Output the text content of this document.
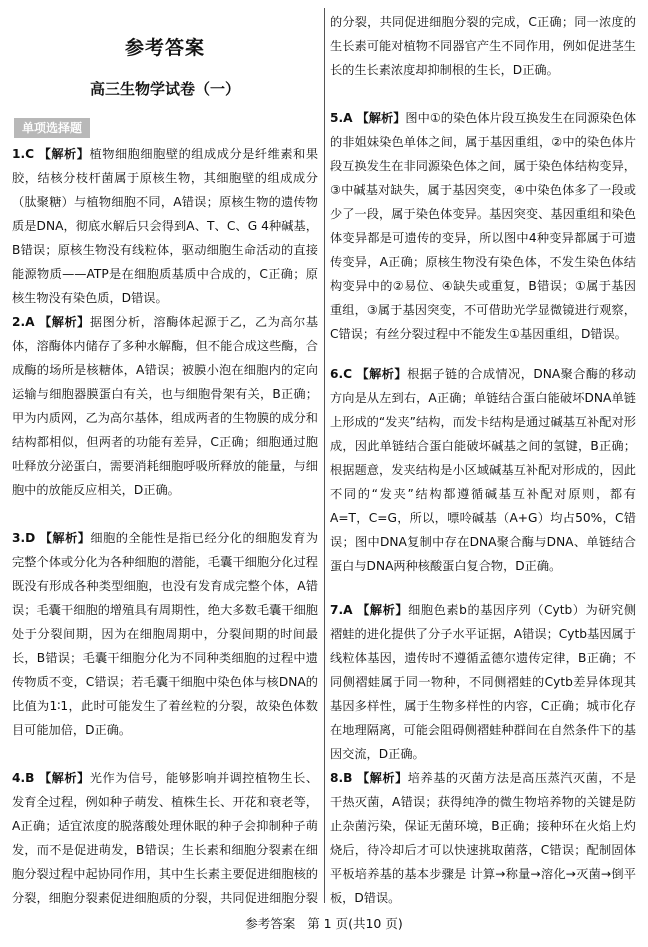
参考答案
高三生物学试卷（一）
单项选择题
1.C 【解析】植物细胞细胞壁的组成成分是纤维素和果胶，结核分枝杆菌属于原核生物，其细胞壁的组成成分（肽聚糖）与植物细胞不同，A错误；原核生物的遗传物质是DNA，彻底水解后只会得到A、T、C、G 4种碱基，B错误；原核生物没有线粒体，驱动细胞生命活动的直接能源物质——ATP是在细胞质基质中合成的，C正确；原核生物没有染色质，D错误。
2.A 【解析】据图分析，溶酶体起源于乙，乙为高尔基体，溶酶体内储存了多种水解酶，但不能合成这些酶，合成酶的场所是核糖体，A错误；被膜小泡在细胞内的定向运输与细胞器膜蛋白有关，也与细胞骨架有关，B正确；甲为内质网，乙为高尔基体，组成两者的生物膜的成分和结构都相似，但两者的功能有差异，C正确；细胞通过胞吐释放分泌蛋白，需要消耗细胞呼吸所释放的能量，与细胞中的放能反应相关，D正确。
3.D 【解析】细胞的全能性是指已经分化的细胞发育为完整个体或分化为各种细胞的潜能，毛囊干细胞分化过程既没有形成各种类型细胞，也没有发育成完整个体，A错误；毛囊干细胞的增殖具有周期性，绝大多数毛囊干细胞处于分裂间期，因为在细胞周期中，分裂间期的时间最长，B错误；毛囊干细胞分化为不同种类细胞的过程中遗传物质不变，C错误；若毛囊干细胞中染色体与核DNA的比值为1∶1，此时可能发生了着丝粒的分裂，故染色体数目可能加倍，D正确。
4.B 【解析】光作为信号，能够影响并调控植物生长、发育全过程，例如种子萌发、植株生长、开花和衰老等，A正确；适宜浓度的脱落酸处理休眠的种子会抑制种子萌发，而不是促进萌发，B错误；生长素和细胞分裂素在细胞分裂过程中起协同作用，其中生长素主要促进细胞核的分裂，细胞分裂素促进细胞质的分裂，共同促进细胞分裂
的分裂，共同促进细胞分裂的完成，C正确；同一浓度的生长素可能对植物不同器官产生不同作用，例如促进茎生长的生长素浓度却抑制根的生长，D正确。
5.A 【解析】图中①的染色体片段互换发生在同源染色体的非姐妹染色单体之间，属于基因重组，②中的染色体片段互换发生在非同源染色体之间，属于染色体结构变异，③中碱基对缺失，属于基因突变，④中染色体多了一段或少了一段，属于染色体变异。基因突变、基因重组和染色体变异都是可遗传的变异，所以图中4种变异都属于可遗传变异，A正确；原核生物没有染色体，不发生染色体结构变异中的②易位、④缺失或重复，B错误；①属于基因重组，③属于基因突变，不可借助光学显微镜进行观察，C错误；有丝分裂过程中不能发生①基因重组，D错误。
6.C 【解析】根据子链的合成情况，DNA聚合酶的移动方向是从左到右，A正确；单链结合蛋白能破坏DNA单链上形成的“发夹”结构，而发卡结构是通过碱基互补配对形成，因此单链结合蛋白能破坏碱基之间的氢键，B正确；根据题意，发夹结构是小区域碱基互补配对形成的，因此不同的“发夹”结构都遵循碱基互补配对原则，都有A=T，C=G，所以，嘌呤碱基（A+G）均占50%，C错误；图中DNA复制中存在DNA聚合酶与DNA、单链结合蛋白与DNA两种核酸蛋白复合物，D正确。
7.A 【解析】细胞色素b的基因序列（Cytb）为研究侧褶蛙的进化提供了分子水平证据，A错误；Cytb基因属于线粒体基因，遗传时不遵循孟德尔遗传定律，B正确；不同侧褶蛙属于同一物种，不同侧褶蛙的Cytb差异体现其基因多样性，属于生物多样性的内容，C正确；城市化存在地理隔离，可能会阻碍侧褶蛙种群间在自然条件下的基因交流，D正确。
8.B 【解析】培养基的灭菌方法是高压蒸汽灭菌，不是干热灭菌，A错误；获得纯净的微生物培养物的关键是防止杂菌污染，保证无菌环境，B正确；接种环在火焰上灼烧后，待冷却后才可以快速挑取菌落，C错误；配制固体平板培养基的基本步骤是 计算→称量→溶化→灭菌→倒平板，D错误。
参考答案 第 1 页(共10 页)
